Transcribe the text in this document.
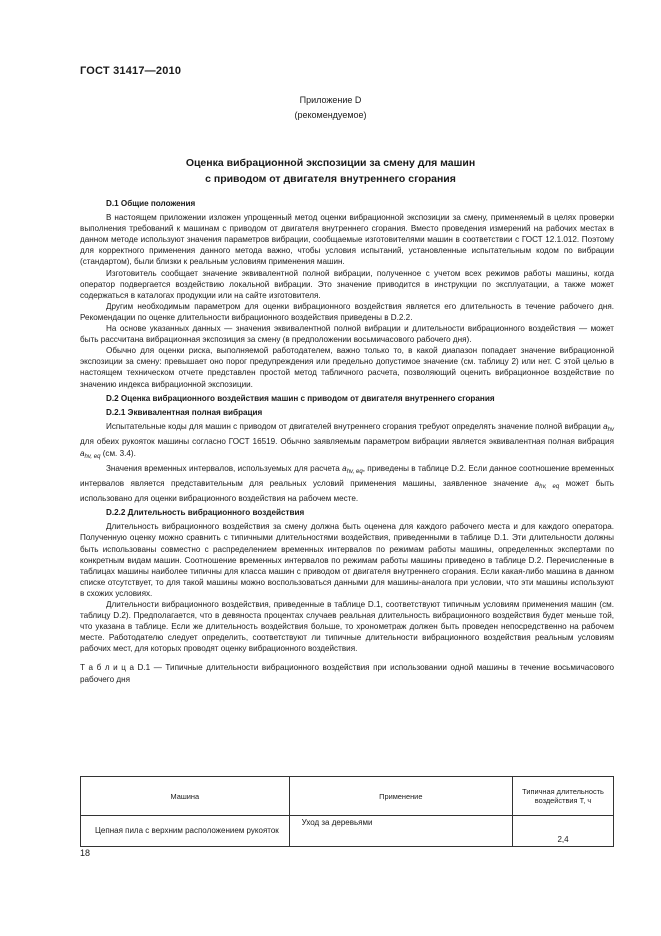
ГОСТ 31417—2010
Приложение D
(рекомендуемое)
Оценка вибрационной экспозиции за смену для машин
с приводом от двигателя внутреннего сгорания

D.1 Общие положения

В настоящем приложении изложен упрощенный метод оценки вибрационной экспозиции за смену, применяемый в целях проверки выполнения требований к машинам с приводом от двигателя внутреннего сгорания. Вместо проведения измерений на рабочих местах в данном методе используют значения параметров вибрации, сообщаемые изготовителями машин в соответствии с ГОСТ 12.1.012. Поэтому для корректного применения данного метода важно, чтобы условия испытаний, установленные испытательным кодом по вибрации (стандартом), были близки к реальным условиям применения машин.

Изготовитель сообщает значение эквивалентной полной вибрации, полученное с учетом всех режимов работы машины, когда оператор подвергается воздействию локальной вибрации. Это значение приводится в инструкции по эксплуатации, а также может содержаться в каталогах продукции или на сайте изготовителя.

Другим необходимым параметром для оценки вибрационного воздействия является его длительность в течение рабочего дня. Рекомендации по оценке длительности вибрационного воздействия приведены в D.2.2.

На основе указанных данных — значения эквивалентной полной вибрации и длительности вибрационного воздействия — может быть рассчитана вибрационная экспозиция за смену (в предположении восьмичасового рабочего дня).

Обычно для оценки риска, выполняемой работодателем, важно только то, в какой диапазон попадает значение вибрационной экспозиции за смену: превышает оно порог предупреждения или предельно допустимое значение (см. таблицу 2) или нет. С этой целью в настоящем техническом отчете представлен простой метод табличного расчета, позволяющий оценить вибрационное воздействие по значению индекса вибрационной экспозиции.

D.2 Оценка вибрационного воздействия машин с приводом от двигателя внутреннего сгорания

D.2.1 Эквивалентная полная вибрация

Испытательные коды для машин с приводом от двигателей внутреннего сгорания требуют определять значение полной вибрации $a_{hv}$ для обеих рукояток машины согласно ГОСТ 16519. Обычно заявляемым параметром вибрации является эквивалентная полная вибрация $a_{hv, eq}$ (см. 3.4).

Значения временных интервалов, используемых для расчета $a_{hv, eq}$, приведены в таблице D.2. Если данное соотношение временных интервалов является представительным для реальных условий применения машины, заявленное значение $a_{hv, eq}$ может быть использовано для оценки вибрационного воздействия на рабочем месте.

D.2.2 Длительность вибрационного воздействия

Длительность вибрационного воздействия за смену должна быть оценена для каждого рабочего места и для каждого оператора. Полученную оценку можно сравнить с типичными длительностями воздействия, приведенными в таблице D.1. Эти длительности должны быть использованы совместно с распределением временных интервалов по режимам работы машины, определенных экспертами по конкретным видам машин. Соотношение временных интервалов по режимам работы машины приведено в таблице D.2. Перечисленные в таблицах машины наиболее типичны для класса машин с приводом от двигателя внутреннего сгорания. Если какая-либо машина в данном списке отсутствует, то для такой машины можно воспользоваться данными для машины-аналога при условии, что эти машины используют в схожих условиях.

Длительности вибрационного воздействия, приведенные в таблице D.1, соответствуют типичным условиям применения машин (см. таблицу D.2). Предполагается, что в девяноста процентах случаев реальная длительность вибрационного воздействия будет меньше той, что указана в таблице. Если же длительность воздействия больше, то хронометраж должен быть проведен непосредственно на рабочем месте. Работодателю следует определить, соответствуют ли типичные длительности вибрационного воздействия реальным условиям рабочих мест, для которых проводят оценку вибрационного воздействия.

Т а б л и ц а D.1 — Типичные длительности вибрационного воздействия при использовании одной машины в течение восьмичасового рабочего дня

Машина	Применение	Типичная длительность воздействия T, ч
Цепная пила с верхним расположением рукояток	Уход за деревьями	2,4
18
